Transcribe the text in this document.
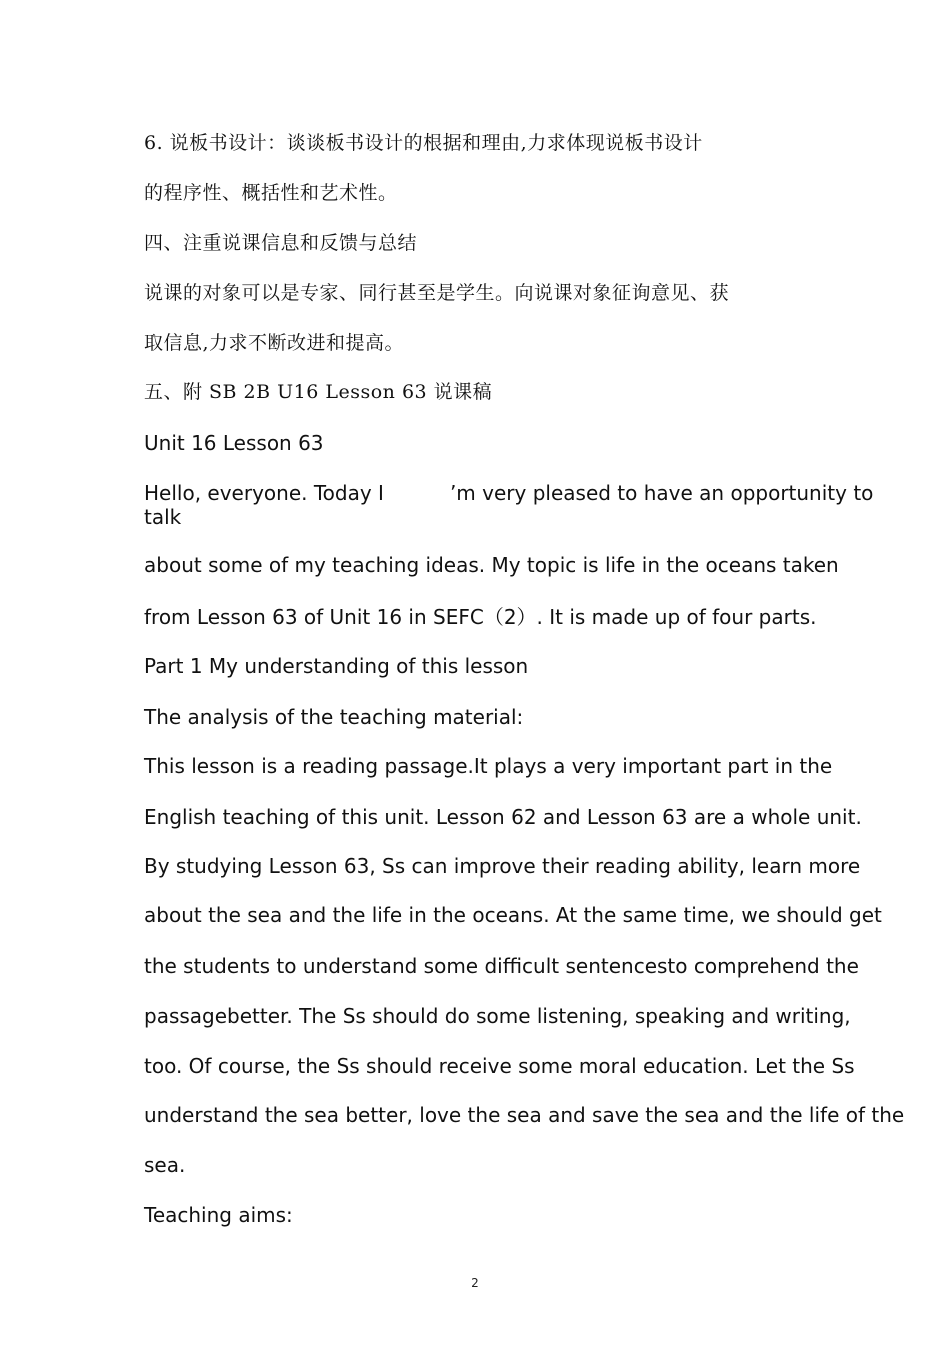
6. 说板书设计：谈谈板书设计的根据和理由,力求体现说板书设计
的程序性、概括性和艺术性。
四、注重说课信息和反馈与总结
说课的对象可以是专家、同行甚至是学生。向说课对象征询意见、获
取信息,力求不断改进和提高。
五、附 SB 2B U16 Lesson 63 说课稿
Unit 16 Lesson 63
Hello, everyone. Today I	’m very pleased to have an opportunity to
talk
about some of my teaching ideas. My topic is life in the oceans taken
from Lesson 63 of Unit 16 in SEFC（2）. It is made up of four parts.
Part 1 My understanding of this lesson
The analysis of the teaching material:
This lesson is a reading passage.It plays a very important part in the
English teaching of this unit. Lesson 62 and Lesson 63 are a whole unit.
By studying Lesson 63, Ss can improve their reading ability, learn more
about the sea and the life in the oceans. At the same time, we should get
the students to understand some difficult sentencesto comprehend the
passagebetter. The Ss should do some listening, speaking and writing,
too. Of course, the Ss should receive some moral education. Let the Ss
understand the sea better, love the sea and save the sea and the life of the
sea.
Teaching aims:
2
